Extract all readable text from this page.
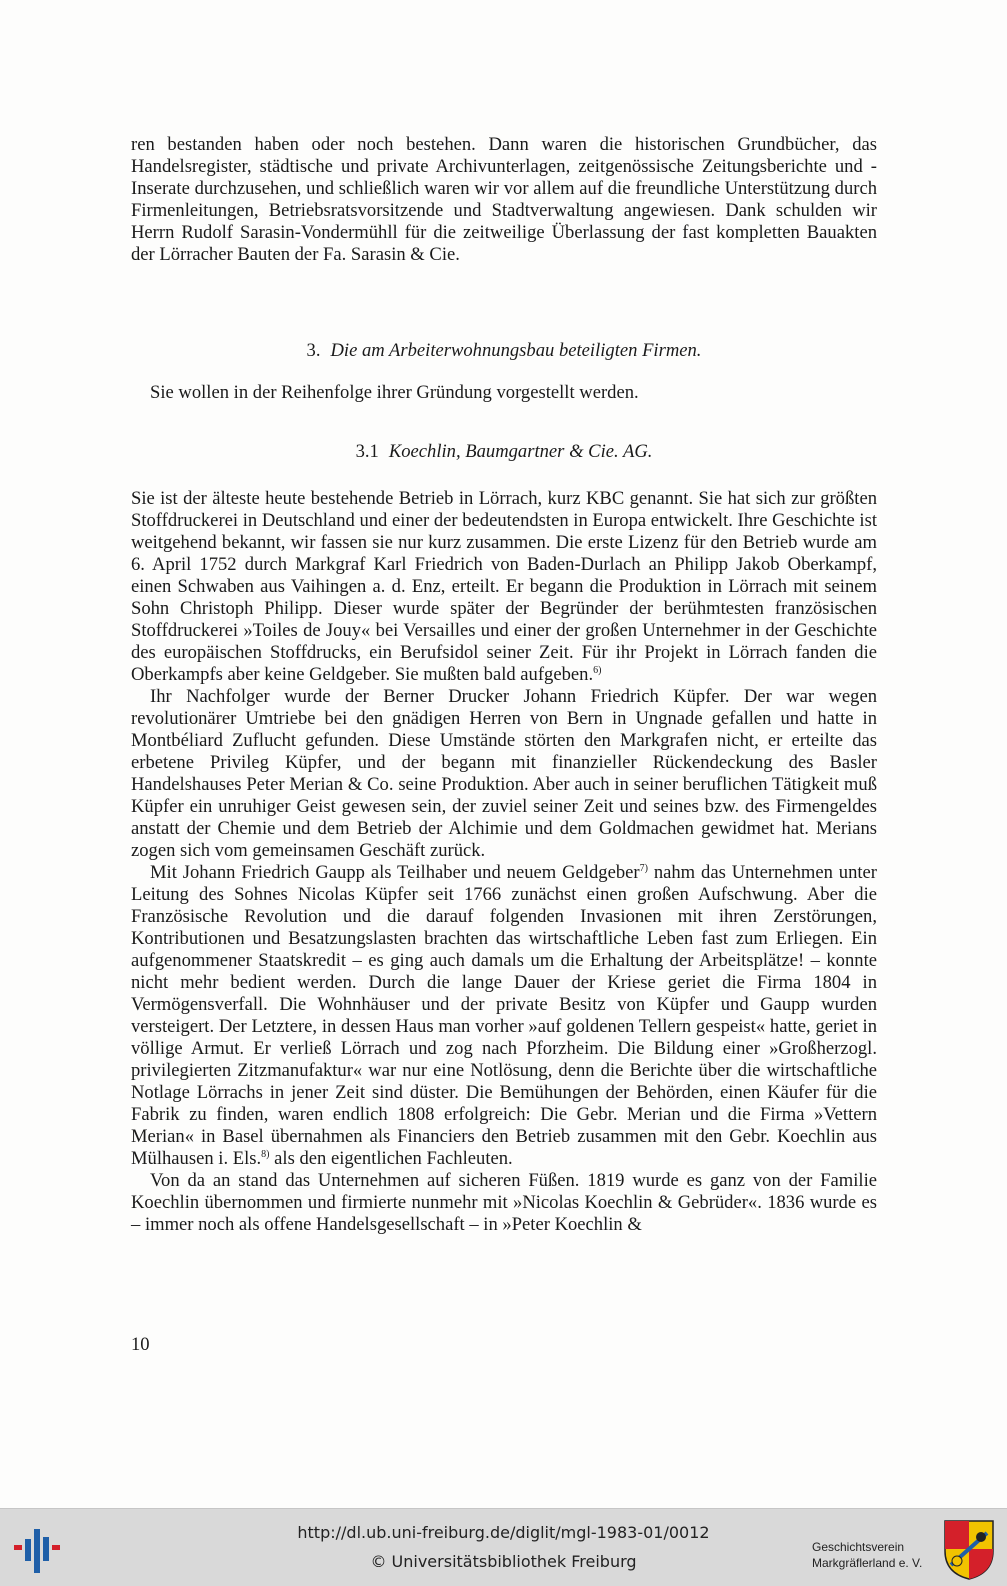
ren bestanden haben oder noch bestehen. Dann waren die historischen Grundbücher, das Handelsregister, städtische und private Archivunterlagen, zeitgenössische Zeitungsberichte und -Inserate durchzusehen, und schließlich waren wir vor allem auf die freundliche Unterstützung durch Firmenleitungen, Betriebsratsvorsitzende und Stadtverwaltung angewiesen. Dank schulden wir Herrn Rudolf Sarasin-Vondermühll für die zeitweilige Überlassung der fast kompletten Bauakten der Lörracher Bauten der Fa. Sarasin & Cie.

3. Die am Arbeiterwohnungsbau beteiligten Firmen.
Sie wollen in der Reihenfolge ihrer Gründung vorgestellt werden.
3.1 Koechlin, Baumgartner & Cie. AG.

Sie ist der älteste heute bestehende Betrieb in Lörrach, kurz KBC genannt. Sie hat sich zur größten Stoffdruckerei in Deutschland und einer der bedeutendsten in Europa entwickelt. Ihre Geschichte ist weitgehend bekannt, wir fassen sie nur kurz zusammen. Die erste Lizenz für den Betrieb wurde am 6. April 1752 durch Markgraf Karl Friedrich von Baden-Durlach an Philipp Jakob Oberkampf, einen Schwaben aus Vaihingen a. d. Enz, erteilt. Er begann die Produktion in Lörrach mit seinem Sohn Christoph Philipp. Dieser wurde später der Begründer der berühmtesten französischen Stoffdruckerei »Toiles de Jouy« bei Versailles und einer der großen Unternehmer in der Geschichte des europäischen Stoffdrucks, ein Berufsidol seiner Zeit. Für ihr Projekt in Lörrach fanden die Oberkampfs aber keine Geldgeber. Sie mußten bald aufgeben.$^{6)}$

Ihr Nachfolger wurde der Berner Drucker Johann Friedrich Küpfer. Der war wegen revolutionärer Umtriebe bei den gnädigen Herren von Bern in Ungnade gefallen und hatte in Montbéliard Zuflucht gefunden. Diese Umstände störten den Markgrafen nicht, er erteilte das erbetene Privileg Küpfer, und der begann mit finanzieller Rückendeckung des Basler Handelshauses Peter Merian & Co. seine Produktion. Aber auch in seiner beruflichen Tätigkeit muß Küpfer ein unruhiger Geist gewesen sein, der zuviel seiner Zeit und seines bzw. des Firmengeldes anstatt der Chemie und dem Betrieb der Alchimie und dem Goldmachen gewidmet hat. Merians zogen sich vom gemeinsamen Geschäft zurück.

Mit Johann Friedrich Gaupp als Teilhaber und neuem Geldgeber$^{7)}$ nahm das Unternehmen unter Leitung des Sohnes Nicolas Küpfer seit 1766 zunächst einen großen Aufschwung. Aber die Französische Revolution und die darauf folgenden Invasionen mit ihren Zerstörungen, Kontributionen und Besatzungslasten brachten das wirtschaftliche Leben fast zum Erliegen. Ein aufgenommener Staatskredit – es ging auch damals um die Erhaltung der Arbeitsplätze! – konnte nicht mehr bedient werden. Durch die lange Dauer der Kriese geriet die Firma 1804 in Vermögensverfall. Die Wohnhäuser und der private Besitz von Küpfer und Gaupp wurden versteigert. Der Letztere, in dessen Haus man vorher »auf goldenen Tellern gespeist« hatte, geriet in völlige Armut. Er verließ Lörrach und zog nach Pforzheim. Die Bildung einer »Großherzogl. privilegierten Zitzmanufaktur« war nur eine Notlösung, denn die Berichte über die wirtschaftliche Notlage Lörrachs in jener Zeit sind düster. Die Bemühungen der Behörden, einen Käufer für die Fabrik zu finden, waren endlich 1808 erfolgreich: Die Gebr. Merian und die Firma »Vettern Merian« in Basel übernahmen als Financiers den Betrieb zusammen mit den Gebr. Koechlin aus Mülhausen i. Els.$^{8)}$ als den eigentlichen Fachleuten.

Von da an stand das Unternehmen auf sicheren Füßen. 1819 wurde es ganz von der Familie Koechlin übernommen und firmierte nunmehr mit »Nicolas Koechlin & Gebrüder«. 1836 wurde es – immer noch als offene Handelsgesellschaft – in »Peter Koechlin &

10
http://dl.ub.uni-freiburg.de/diglit/mgl-1983-01/0012
© Universitätsbibliothek Freiburg
Geschichtsverein
Markgräflerland e. V.
